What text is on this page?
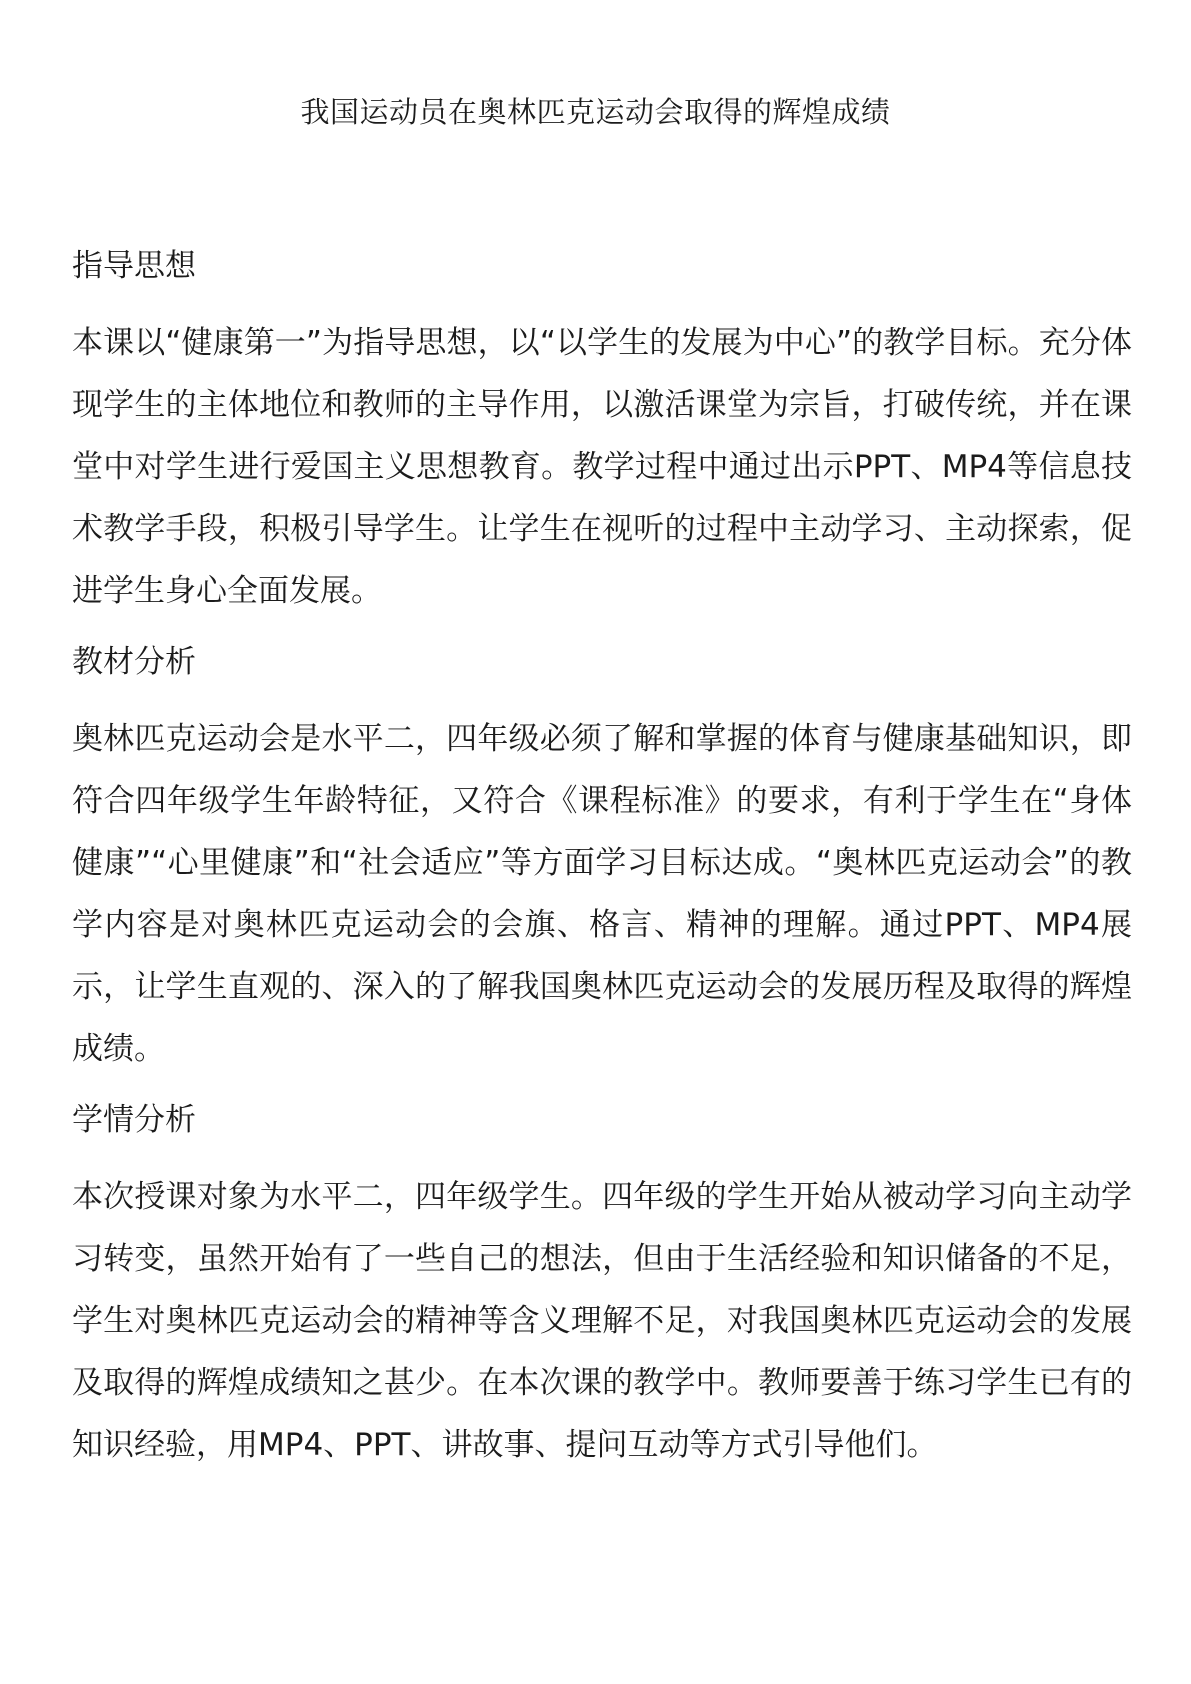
我国运动员在奥林匹克运动会取得的辉煌成绩
指导思想
本课以“健康第一”为指导思想，以“以学生的发展为中心”的教学目标。充分体现学生的主体地位和教师的主导作用，以激活课堂为宗旨，打破传统，并在课堂中对学生进行爱国主义思想教育。教学过程中通过出示PPT、MP4等信息技术教学手段，积极引导学生。让学生在视听的过程中主动学习、主动探索，促进学生身心全面发展。
教材分析
奥林匹克运动会是水平二，四年级必须了解和掌握的体育与健康基础知识，即符合四年级学生年龄特征，又符合《课程标准》的要求，有利于学生在“身体健康”“心里健康”和“社会适应”等方面学习目标达成。“奥林匹克运动会”的教学内容是对奥林匹克运动会的会旗、格言、精神的理解。通过PPT、MP4展示，让学生直观的、深入的了解我国奥林匹克运动会的发展历程及取得的辉煌成绩。
学情分析
本次授课对象为水平二，四年级学生。四年级的学生开始从被动学习向主动学习转变，虽然开始有了一些自己的想法，但由于生活经验和知识储备的不足，学生对奥林匹克运动会的精神等含义理解不足，对我国奥林匹克运动会的发展及取得的辉煌成绩知之甚少。在本次课的教学中。教师要善于练习学生已有的知识经验，用MP4、PPT、讲故事、提问互动等方式引导他们。
